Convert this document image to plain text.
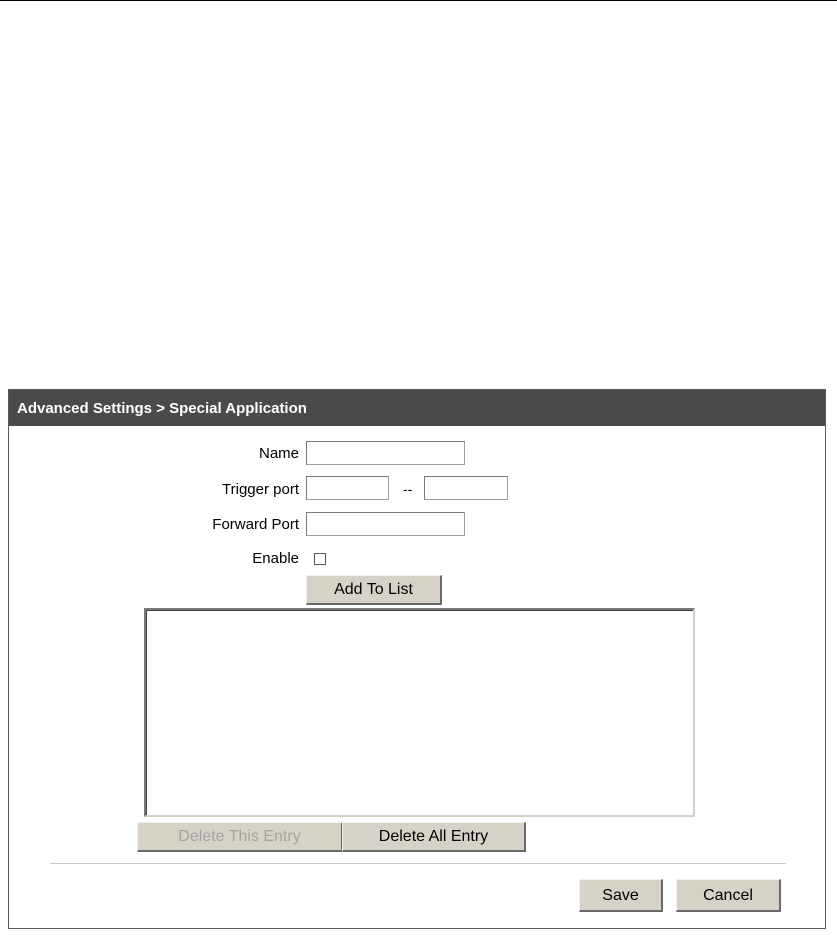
Advanced Settings > Special Application
Name
Trigger port	--
Forward Port
Enable
Add To List
Delete This Entry	Delete All Entry
Save	Cancel
